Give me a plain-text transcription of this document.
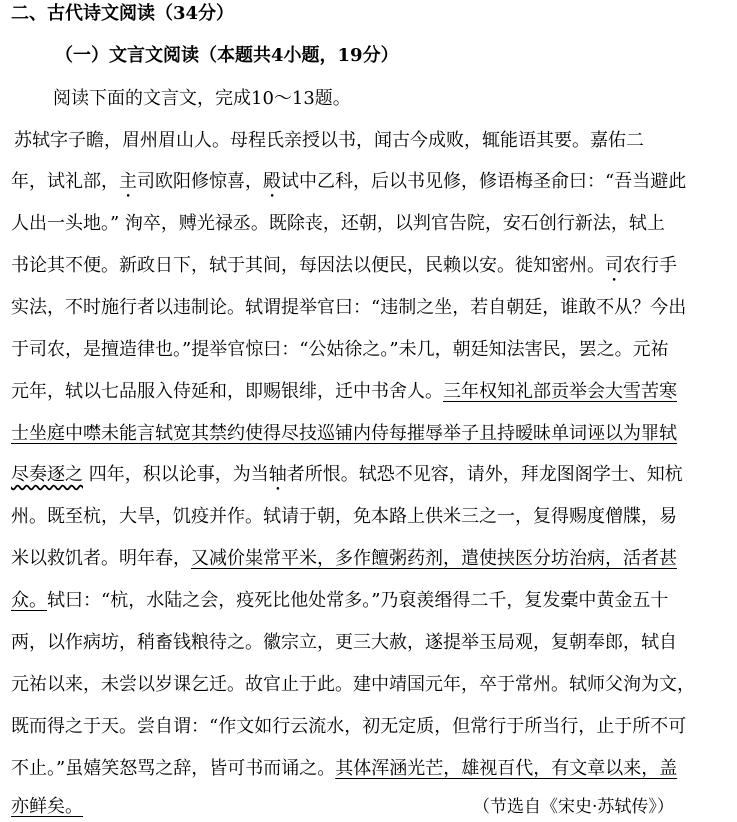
二、古代诗文阅读（34分）
（一）文言文阅读（本题共4小题，19分）
阅读下面的文言文，完成10～13题。
苏轼字子瞻，眉州眉山人。母程氏亲授以书，闻古今成败，辄能语其要。嘉佑二
年，试礼部，主司欧阳修惊喜，殿试中乙科，后以书见修，修语梅圣俞曰：“吾当避此
人出一头地。” 洵卒，赙光禄丞。既除丧，还朝，以判官告院，安石创行新法，轼上
书论其不便。新政日下，轼于其间，每因法以便民，民赖以安。徙知密州。司农行手
实法，不时施行者以违制论。轼谓提举官曰：“违制之坐，若自朝廷，谁敢不从？今出
于司农，是擅造律也。”提举官惊曰：“公姑徐之。”未几，朝廷知法害民，罢之。元祐
元年，轼以七品服入侍延和，即赐银绯，迁中书舍人。三年权知礼部贡举会大雪苦寒
士坐庭中噤未能言轼宽其禁约使得尽技巡铺内侍每摧辱举子且持暧昧单词诬以为罪轼
尽奏逐之 四年，积以论事，为当轴者所恨。轼恐不见容，请外，拜龙图阁学士、知杭
州。既至杭，大旱，饥疫并作。轼请于朝，免本路上供米三之一，复得赐度僧牒，易
米以救饥者。明年春，又减价粜常平米，多作饘粥药剂，遣使挟医分坊治病，活者甚
众。轼曰：“杭，水陆之会，疫死比他处常多。”乃裒羡缗得二千，复发橐中黄金五十
两，以作病坊，稍畜钱粮待之。徽宗立，更三大赦，遂提举玉局观，复朝奉郎，轼自
元祐以来，未尝以岁课乞迁。故官止于此。建中靖国元年，卒于常州。轼师父洵为文，
既而得之于天。尝自谓：“作文如行云流水，初无定质，但常行于所当行，止于所不可
不止。”虽嬉笑怒骂之辞，皆可书而诵之。其体浑涵光芒，雄视百代，有文章以来，盖
亦鲜矣。	（节选自《宋史·苏轼传》）
